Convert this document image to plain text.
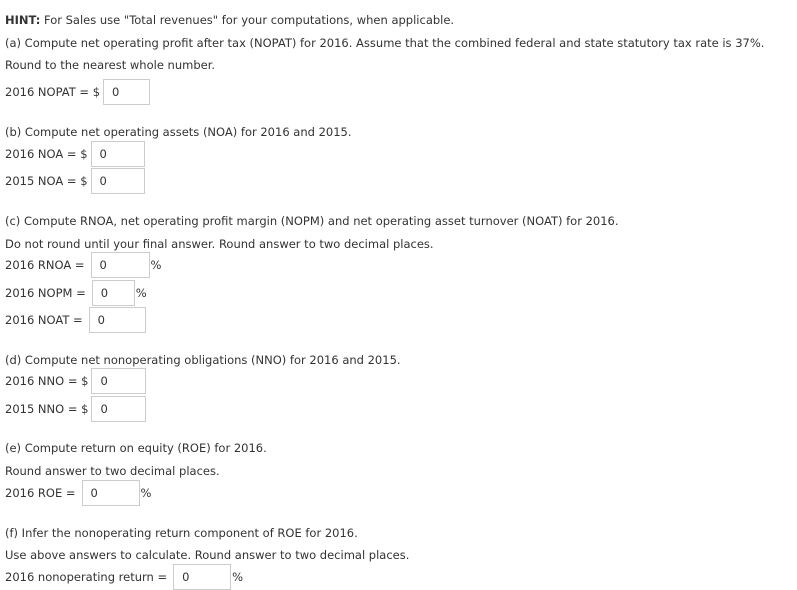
HINT: For Sales use "Total revenues" for your computations, when applicable.
(a) Compute net operating profit after tax (NOPAT) for 2016. Assume that the combined federal and state statutory tax rate is 37%.
Round to the nearest whole number.
2016 NOPAT = $	0
(b) Compute net operating assets (NOA) for 2016 and 2015.
2016 NOA = $	0
2015 NOA = $	0
(c) Compute RNOA, net operating profit margin (NOPM) and net operating asset turnover (NOAT) for 2016.
Do not round until your final answer. Round answer to two decimal places.
2016 RNOA =	0	%
2016 NOPM =	0	%
2016 NOAT =	0
(d) Compute net nonoperating obligations (NNO) for 2016 and 2015.
2016 NNO = $	0
2015 NNO = $	0
(e) Compute return on equity (ROE) for 2016.
Round answer to two decimal places.
2016 ROE =	0	%
(f) Infer the nonoperating return component of ROE for 2016.
Use above answers to calculate. Round answer to two decimal places.
2016 nonoperating return =	0	%
